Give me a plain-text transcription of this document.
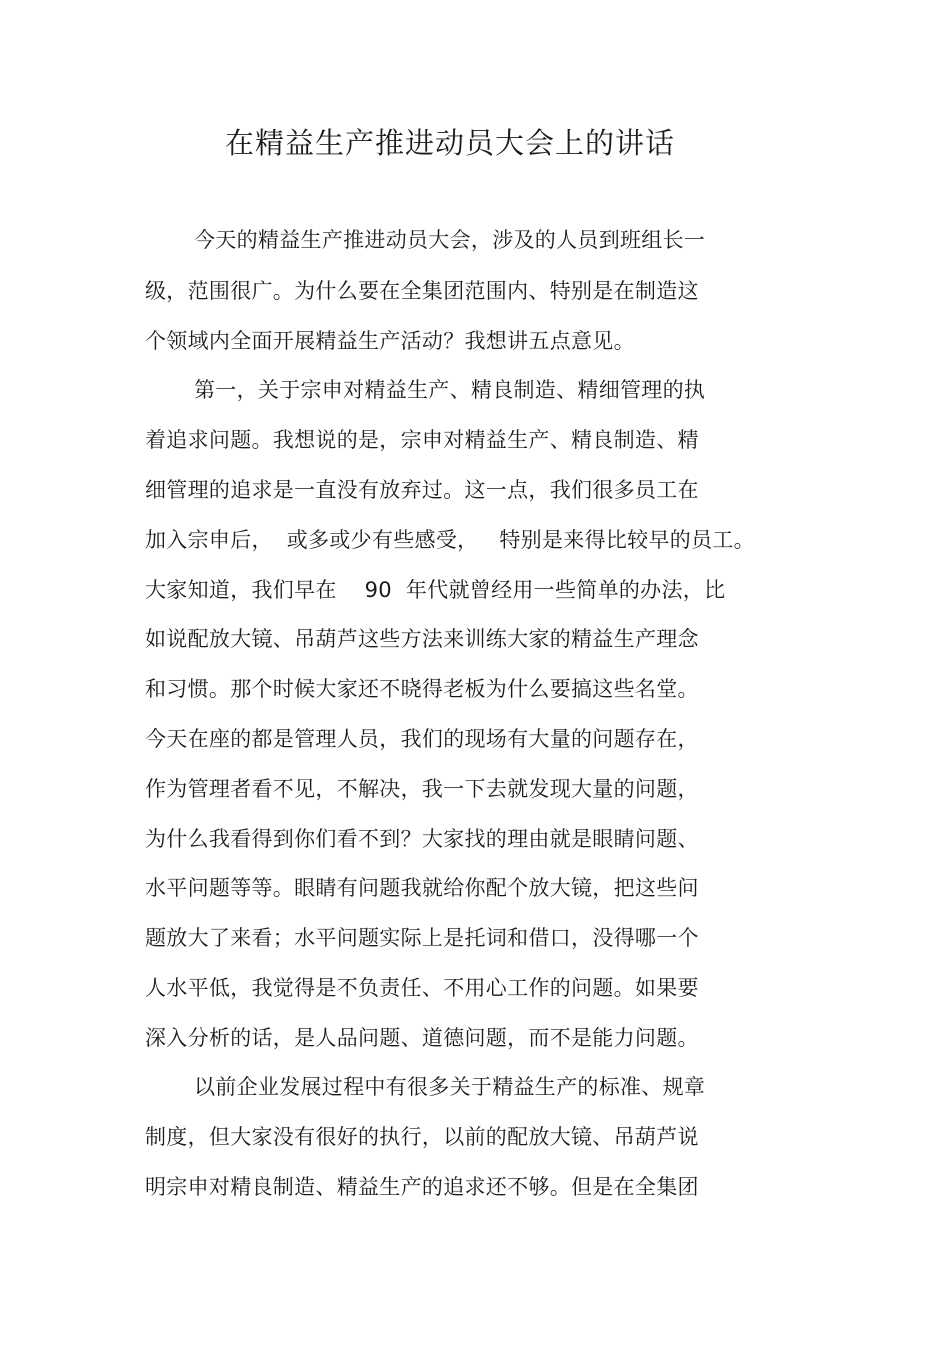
在精益生产推进动员大会上的讲话
今天的精益生产推进动员大会，涉及的人员到班组长一
级，范围很广。为什么要在全集团范围内、特别是在制造这
个领域内全面开展精益生产活动？我想讲五点意见。
第一，关于宗申对精益生产、精良制造、精细管理的执
着追求问题。我想说的是，宗申对精益生产、精良制造、精
细管理的追求是一直没有放弃过。这一点，我们很多员工在
加入宗申后，  或多或少有些感受，   特别是来得比较早的员工。
大家知道，我们早在    90  年代就曾经用一些简单的办法，比
如说配放大镜、吊葫芦这些方法来训练大家的精益生产理念
和习惯。那个时候大家还不晓得老板为什么要搞这些名堂。
今天在座的都是管理人员，我们的现场有大量的问题存在，
作为管理者看不见，不解决，我一下去就发现大量的问题，
为什么我看得到你们看不到？大家找的理由就是眼睛问题、
水平问题等等。眼睛有问题我就给你配个放大镜，把这些问
题放大了来看；水平问题实际上是托词和借口，没得哪一个
人水平低，我觉得是不负责任、不用心工作的问题。如果要
深入分析的话，是人品问题、道德问题，而不是能力问题。
以前企业发展过程中有很多关于精益生产的标准、规章
制度，但大家没有很好的执行，以前的配放大镜、吊葫芦说
明宗申对精良制造、精益生产的追求还不够。但是在全集团
